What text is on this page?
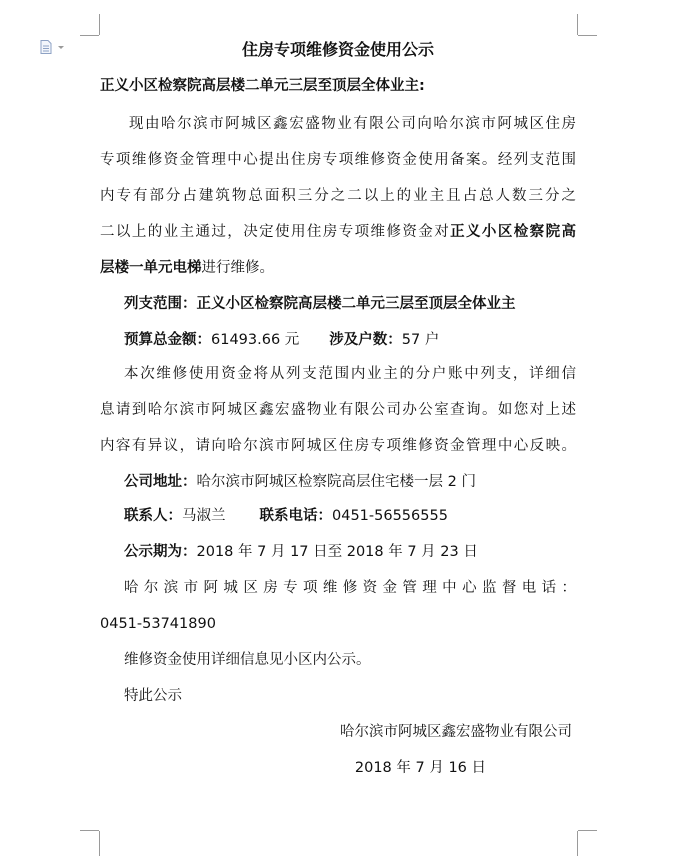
住房专项维修资金使用公示
正义小区检察院高层楼二单元三层至顶层全体业主:
现由哈尔滨市阿城区鑫宏盛物业有限公司向哈尔滨市阿城区住房
专项维修资金管理中心提出住房专项维修资金使用备案。经列支范围
内专有部分占建筑物总面积三分之二以上的业主且占总人数三分之
二以上的业主通过，决定使用住房专项维修资金对正义小区检察院高
层楼一单元电梯进行维修。
列支范围：正义小区检察院高层楼二单元三层至顶层全体业主
预算总金额：61493.66 元 涉及户数：57 户
本次维修使用资金将从列支范围内业主的分户账中列支，详细信
息请到哈尔滨市阿城区鑫宏盛物业有限公司办公室查询。如您对上述
内容有异议，请向哈尔滨市阿城区住房专项维修资金管理中心反映。
公司地址：哈尔滨市阿城区检察院高层住宅楼一层 2 门
联系人：马淑兰 联系电话：0451-56556555
公示期为：2018 年 7 月 17 日至 2018 年 7 月 23 日
哈尔滨市阿城区房专项维修资金管理中心监督电话：
0451-53741890
维修资金使用详细信息见小区内公示。
特此公示
哈尔滨市阿城区鑫宏盛物业有限公司
2018 年 7 月 16 日
